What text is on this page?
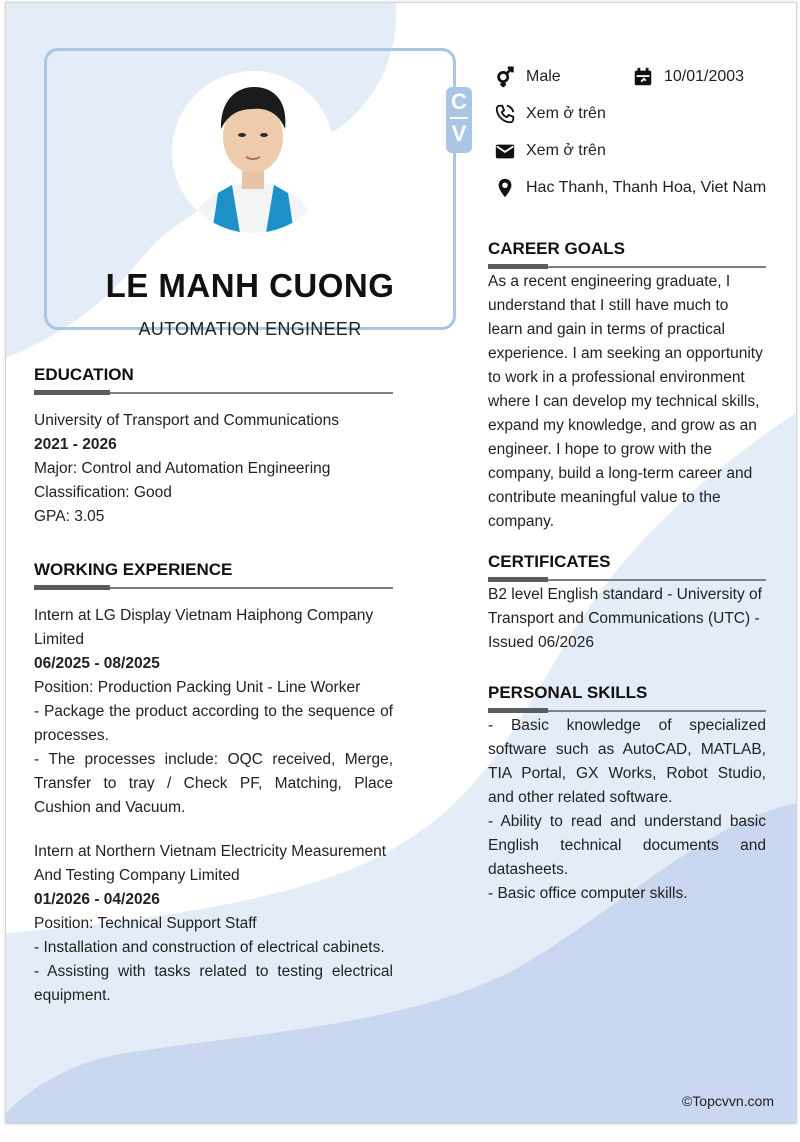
C
V
LE MANH CUONG
AUTOMATION ENGINEER
Male	10/01/2003
Xem ở trên
Xem ở trên
Hac Thanh, Thanh Hoa, Viet Nam
EDUCATION
University of Transport and Communications
2021 - 2026
Major: Control and Automation Engineering
Classification: Good
GPA: 3.05
WORKING EXPERIENCE
Intern at LG Display Vietnam Haiphong Company Limited
06/2025 - 08/2025
Position: Production Packing Unit - Line Worker
- Package the product according to the sequence of processes.
- The processes include: OQC received, Merge, Transfer to tray / Check PF, Matching, Place Cushion and Vacuum.
Intern at Northern Vietnam Electricity Measurement And Testing Company Limited
01/2026 - 04/2026
Position: Technical Support Staff
- Installation and construction of electrical cabinets.
- Assisting with tasks related to testing electrical equipment.
CAREER GOALS
As a recent engineering graduate, I understand that I still have much to learn and gain in terms of practical experience. I am seeking an opportunity to work in a professional environment where I can develop my technical skills, expand my knowledge, and grow as an engineer. I hope to grow with the company, build a long-term career and contribute meaningful value to the company.
CERTIFICATES
B2 level English standard - University of Transport and Communications (UTC) - Issued 06/2026
PERSONAL SKILLS
- Basic knowledge of specialized software such as AutoCAD, MATLAB, TIA Portal, GX Works, Robot Studio, and other related software.
- Ability to read and understand basic English technical documents and datasheets.
- Basic office computer skills.
©Topcvvn.com
